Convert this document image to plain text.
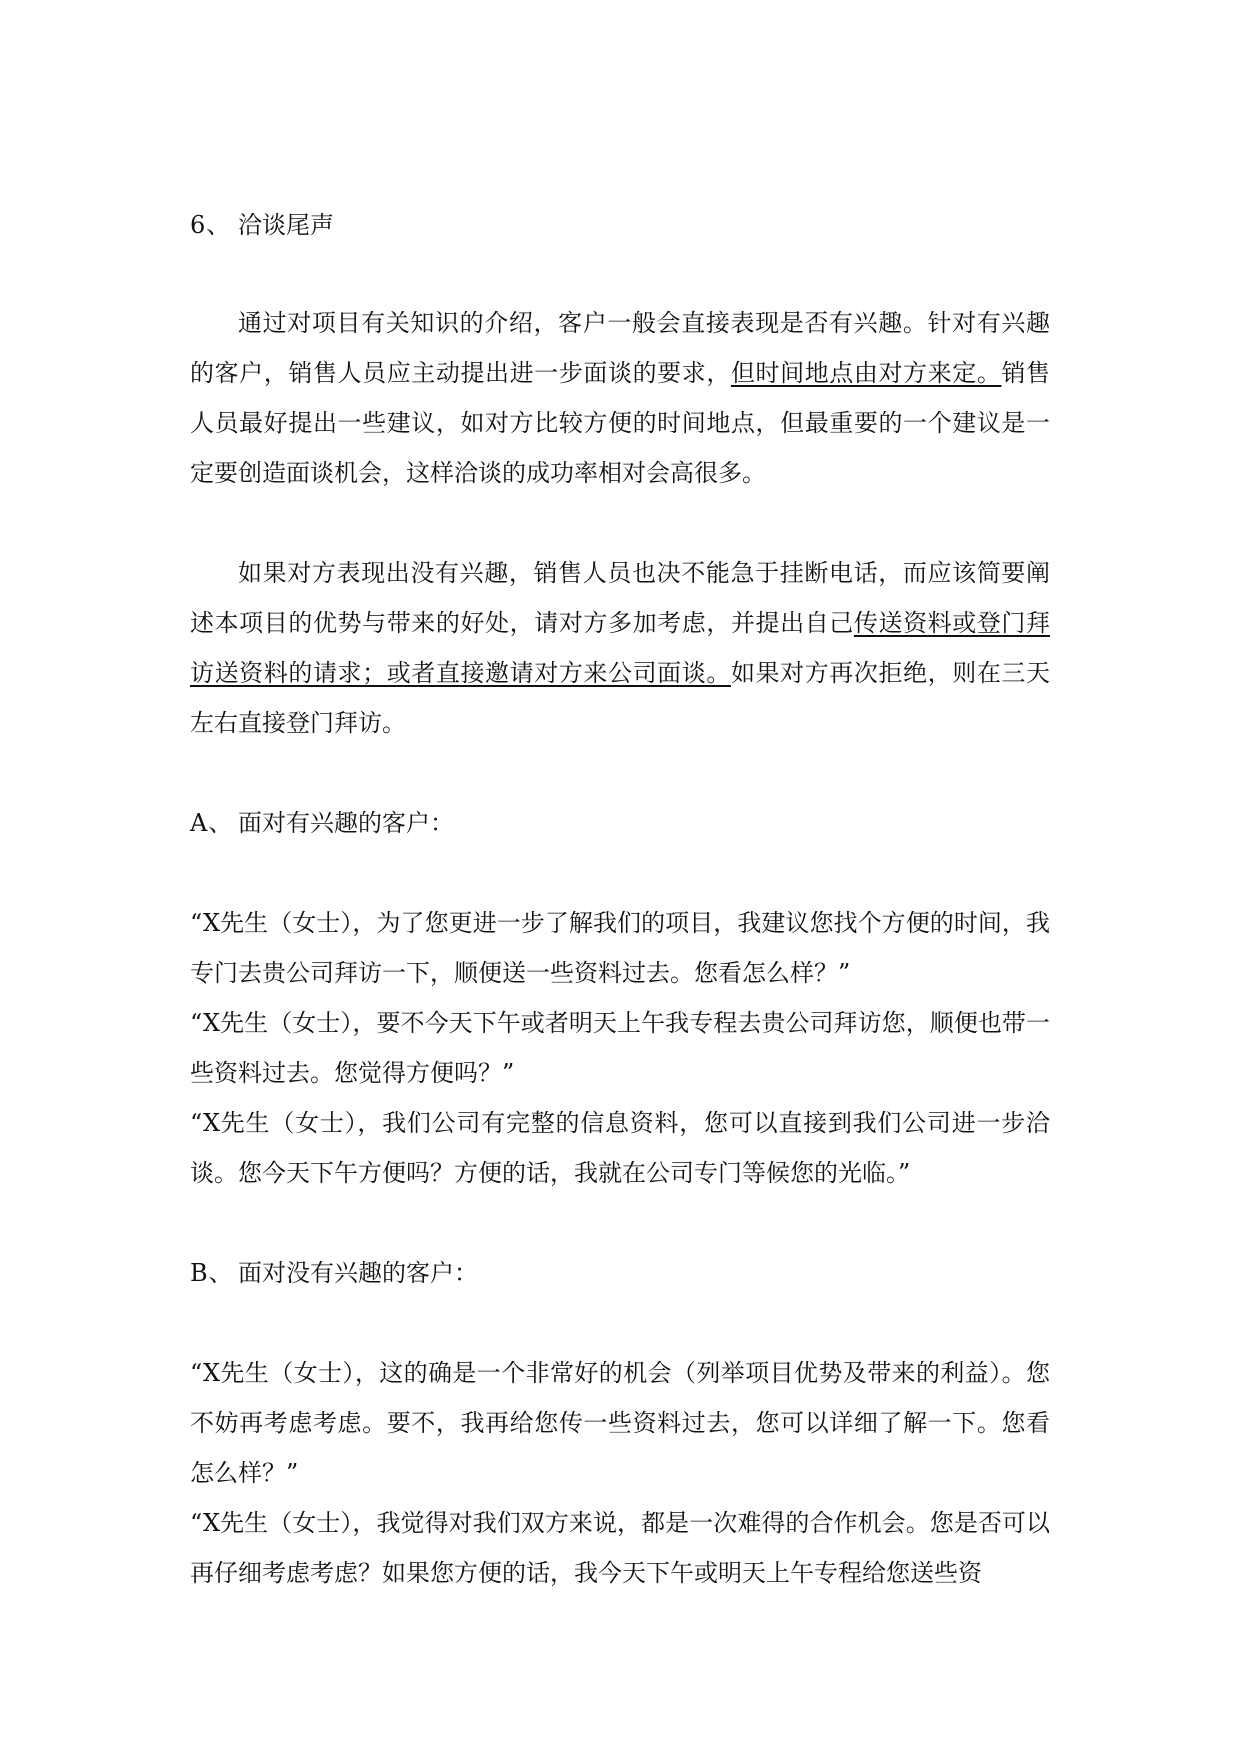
6、 洽谈尾声

通过对项目有关知识的介绍，客户一般会直接表现是否有兴趣。针对有兴趣的客户，销售人员应主动提出进一步面谈的要求，但时间地点由对方来定。销售人员最好提出一些建议，如对方比较方便的时间地点，但最重要的一个建议是一定要创造面谈机会，这样洽谈的成功率相对会高很多。

如果对方表现出没有兴趣，销售人员也决不能急于挂断电话，而应该简要阐述本项目的优势与带来的好处，请对方多加考虑，并提出自己传送资料或登门拜访送资料的请求；或者直接邀请对方来公司面谈。如果对方再次拒绝，则在三天左右直接登门拜访。

A、 面对有兴趣的客户：

“X先生（女士），为了您更进一步了解我们的项目，我建议您找个方便的时间，我专门去贵公司拜访一下，顺便送一些资料过去。您看怎么样？”

“X先生（女士），要不今天下午或者明天上午我专程去贵公司拜访您，顺便也带一些资料过去。您觉得方便吗？”

“X先生（女士），我们公司有完整的信息资料，您可以直接到我们公司进一步洽谈。您今天下午方便吗？方便的话，我就在公司专门等候您的光临。”

B、 面对没有兴趣的客户：

“X先生（女士），这的确是一个非常好的机会（列举项目优势及带来的利益）。您不妨再考虑考虑。要不，我再给您传一些资料过去，您可以详细了解一下。您看怎么样？”

“X先生（女士），我觉得对我们双方来说，都是一次难得的合作机会。您是否可以再仔细考虑考虑？如果您方便的话，我今天下午或明天上午专程给您送些资
